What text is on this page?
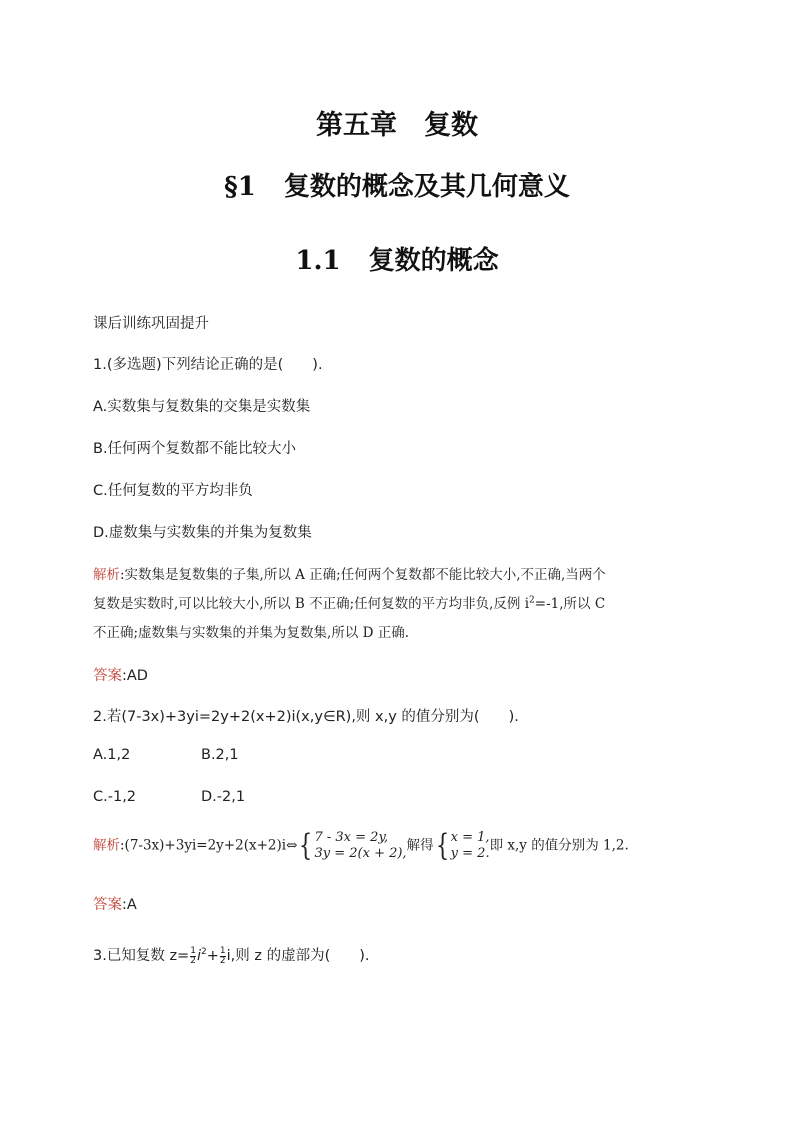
第五章　复数
§1 复数的概念及其几何意义
1.1 复数的概念
课后训练巩固提升
1.(多选题)下列结论正确的是(　　).
A.实数集与复数集的交集是实数集
B.任何两个复数都不能比较大小
C.任何复数的平方均非负
D.虚数集与实数集的并集为复数集
解析:实数集是复数集的子集,所以 A 正确;任何两个复数都不能比较大小,不正确,当两个
复数是实数时,可以比较大小,所以 B 不正确;任何复数的平方均非负,反例 $i^2=-1$,所以 C
不正确;虚数集与实数集的并集为复数集,所以 D 正确.
答案:AD
2.若(7-3x)+3yi=2y+2(x+2)i(x,y∈R),则 x,y 的值分别为(　　).
A.1,2	B.2,1
C.-1,2	D.-2,1
解析:(7-3x)+3yi=2y+2(x+2)i⇔{ 7 - 3x = 2y,
3y = 2(x + 2), 解得{ x = 1,
y = 2. 即 x,y 的值分别为 1,2.
答案:A
3.已知复数 $z= \frac{1}{2} i^2+ \frac{1}{2} i$,则 z 的虚部为(　　).
